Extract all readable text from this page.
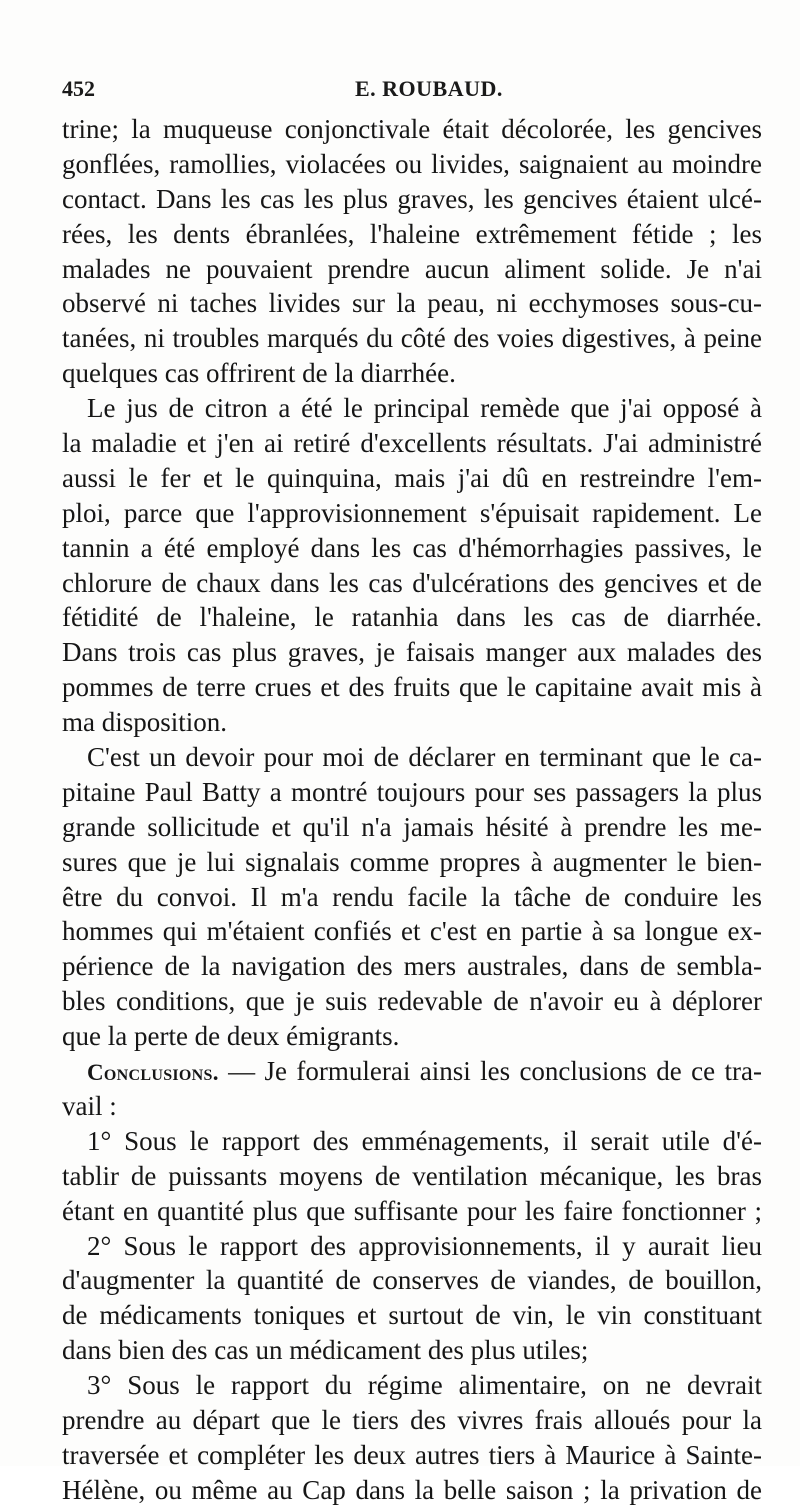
452	E. ROUBAUD.
trine; la muqueuse conjonctivale était décolorée, les gencives
gonflées, ramollies, violacées ou livides, saignaient au moindre
contact. Dans les cas les plus graves, les gencives étaient ulcé-
rées, les dents ébranlées, l'haleine extrêmement fétide ; les
malades ne pouvaient prendre aucun aliment solide. Je n'ai
observé ni taches livides sur la peau, ni ecchymoses sous-cu-
tanées, ni troubles marqués du côté des voies digestives, à peine
quelques cas offrirent de la diarrhée.
Le jus de citron a été le principal remède que j'ai opposé à
la maladie et j'en ai retiré d'excellents résultats. J'ai administré
aussi le fer et le quinquina, mais j'ai dû en restreindre l'em-
ploi, parce que l'approvisionnement s'épuisait rapidement. Le
tannin a été employé dans les cas d'hémorrhagies passives, le
chlorure de chaux dans les cas d'ulcérations des gencives et de
fétidité de l'haleine, le ratanhia dans les cas de diarrhée.
Dans trois cas plus graves, je faisais manger aux malades des
pommes de terre crues et des fruits que le capitaine avait mis à
ma disposition.
C'est un devoir pour moi de déclarer en terminant que le ca-
pitaine Paul Batty a montré toujours pour ses passagers la plus
grande sollicitude et qu'il n'a jamais hésité à prendre les me-
sures que je lui signalais comme propres à augmenter le bien-
être du convoi. Il m'a rendu facile la tâche de conduire les
hommes qui m'étaient confiés et c'est en partie à sa longue ex-
périence de la navigation des mers australes, dans de sembla-
bles conditions, que je suis redevable de n'avoir eu à déplorer
que la perte de deux émigrants.
Conclusions. — Je formulerai ainsi les conclusions de ce tra-
vail :
1° Sous le rapport des emménagements, il serait utile d'é-
tablir de puissants moyens de ventilation mécanique, les bras
étant en quantité plus que suffisante pour les faire fonctionner ;
2° Sous le rapport des approvisionnements, il y aurait lieu
d'augmenter la quantité de conserves de viandes, de bouillon,
de médicaments toniques et surtout de vin, le vin constituant
dans bien des cas un médicament des plus utiles;
3° Sous le rapport du régime alimentaire, on ne devrait
prendre au départ que le tiers des vivres frais alloués pour la
traversée et compléter les deux autres tiers à Maurice à Sainte-
Hélène, ou même au Cap dans la belle saison ; la privation de
